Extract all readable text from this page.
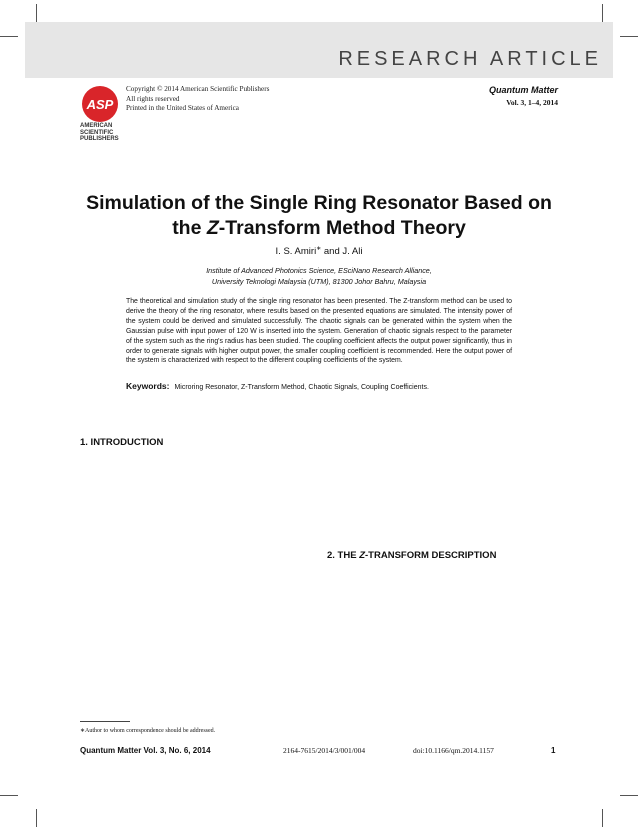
RESEARCH ARTICLE
ASP
AMERICAN
SCIENTIFIC
PUBLISHERS
Copyright © 2014 American Scientific Publishers
All rights reserved
Printed in the United States of America
Quantum Matter
Vol. 3, 1–4, 2014
Simulation of the Single Ring Resonator Based on
the Z-Transform Method Theory
I. S. Amiri∗ and J. Ali
Institute of Advanced Photonics Science, ESciNano Research Alliance,
University Teknologi Malaysia (UTM), 81300 Johor Bahru, Malaysia
The theoretical and simulation study of the single ring resonator has been presented. The Z-transform method can be used to derive the theory of the ring resonator, where results based on the presented equations are simulated. The intensity power of the system could be derived and simulated successfully. The chaotic signals can be generated within the system when the Gaussian pulse with input power of 120 W is inserted into the system. Generation of chaotic signals respect to the parameter of the system such as the ring's radius has been studied. The coupling coefficient affects the output power significantly, thus in order to generate signals with higher output power, the smaller coupling coefficient is recommended. Here the output power of the system is characterized with respect to the different coupling coefficients of the system.
Keywords: Microring Resonator, Z-Transform Method, Chaotic Signals, Coupling Coefficients.
1. INTRODUCTION
2. THE Z-TRANSFORM DESCRIPTION
∗Author to whom correspondence should be addressed.
Quantum Matter Vol. 3, No. 6, 2014	2164-7615/2014/3/001/004	doi:10.1166/qm.2014.1157	1
